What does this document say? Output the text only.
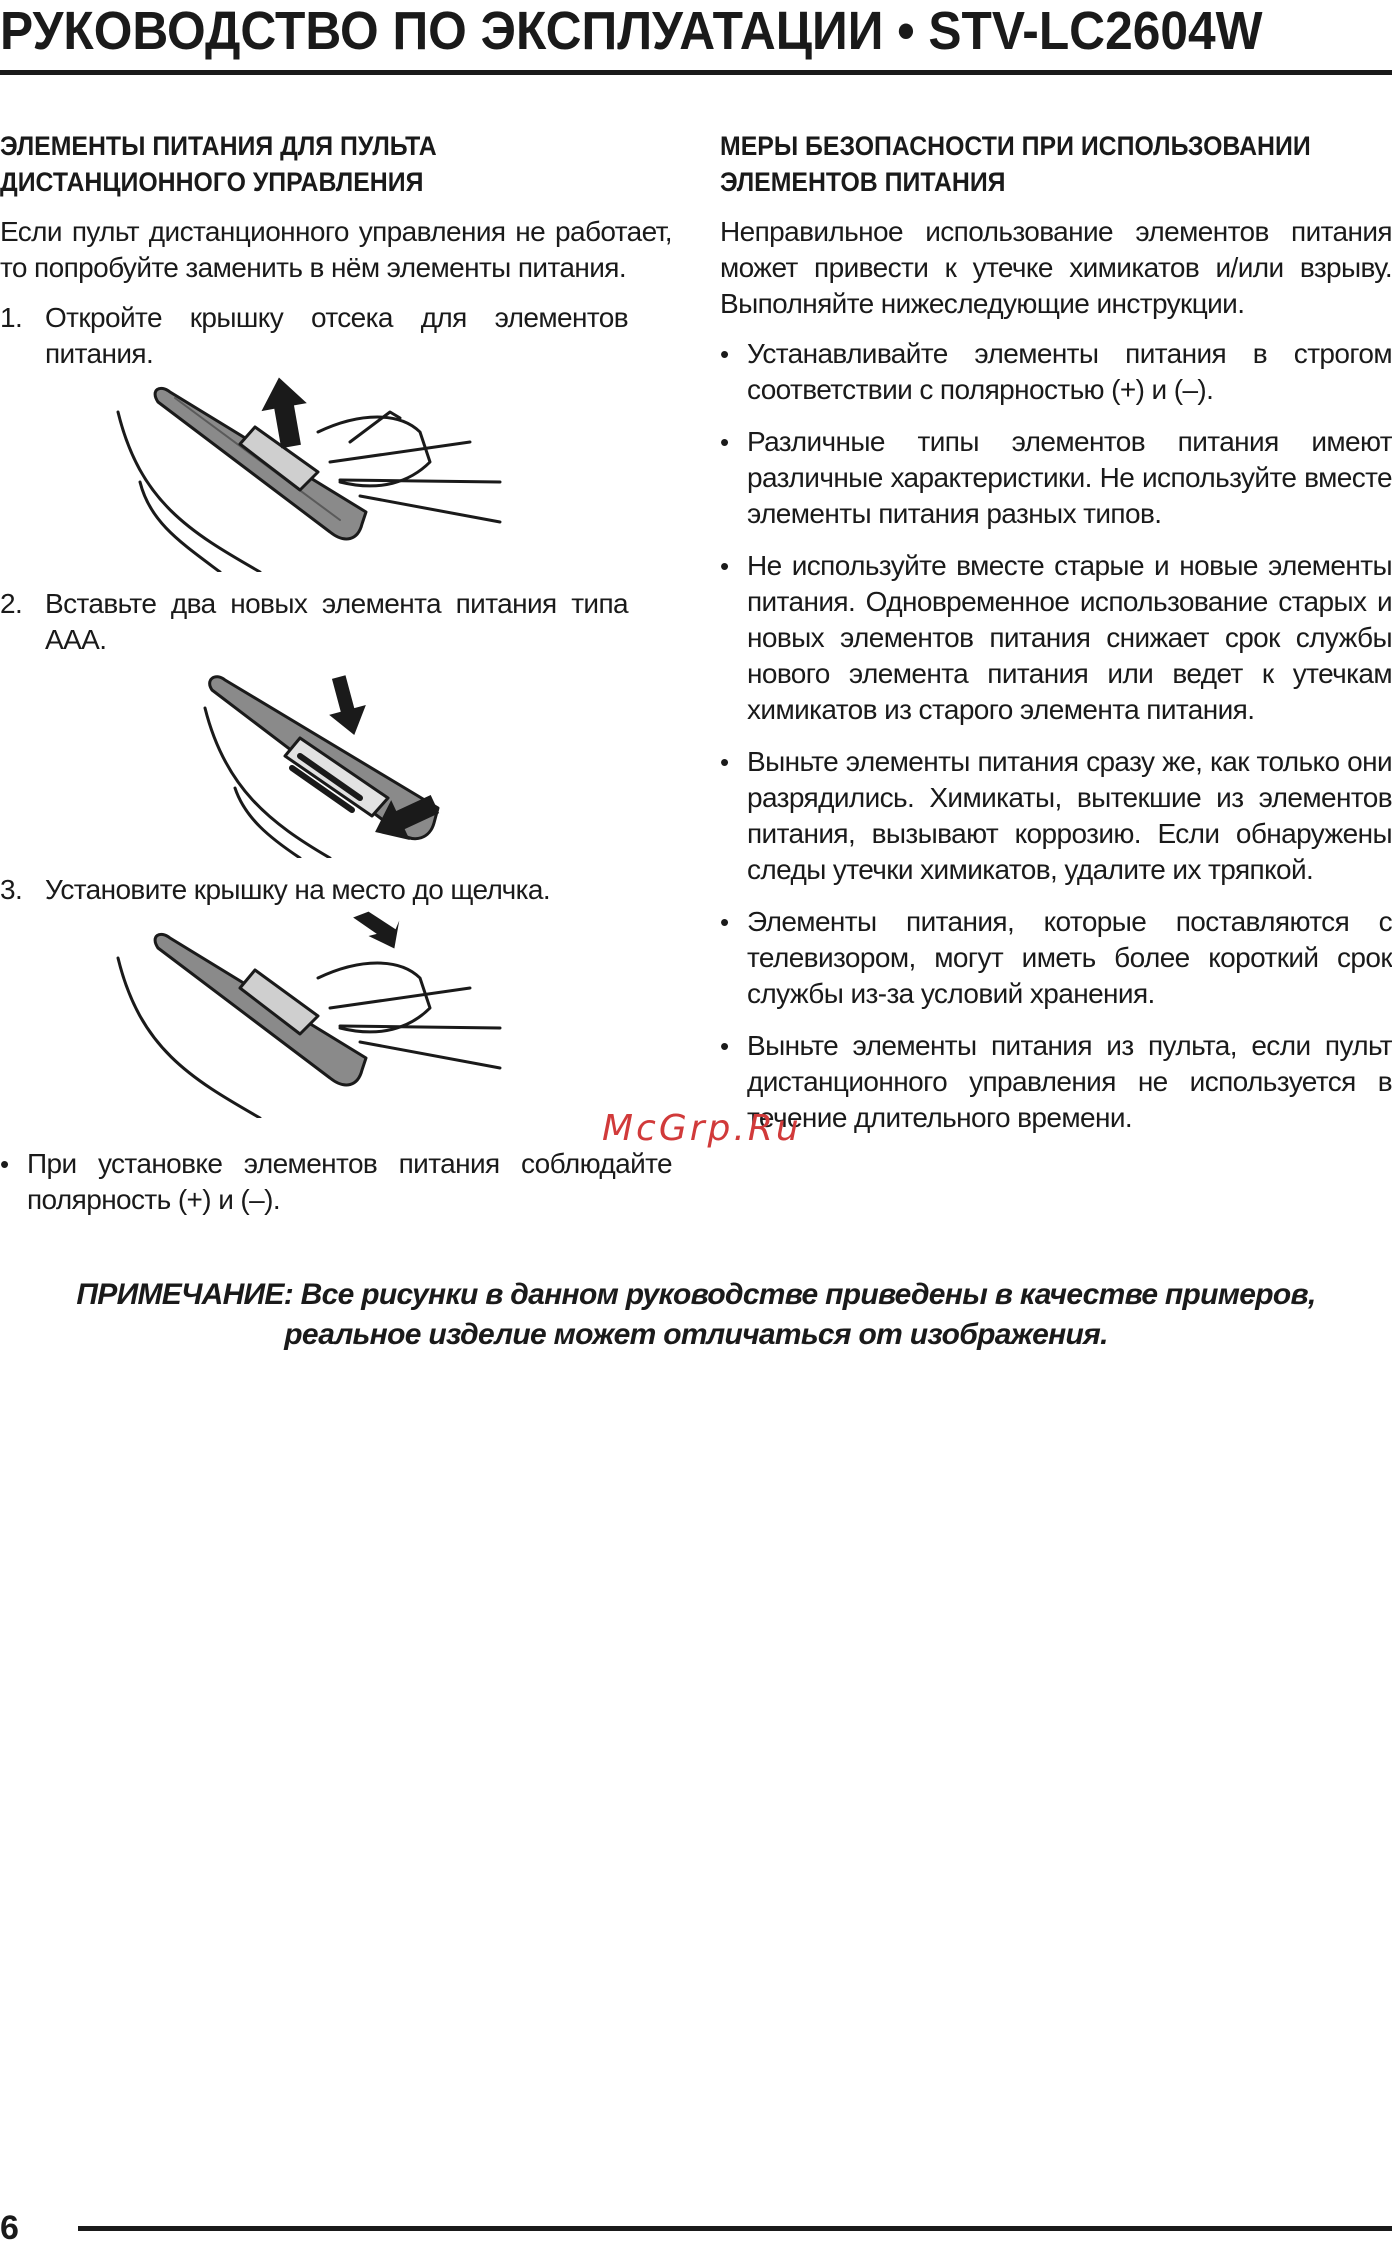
РУКОВОДСТВО ПО ЭКСПЛУАТАЦИИ • STV-LC2604W
ЭЛЕМЕНТЫ ПИТАНИЯ ДЛЯ ПУЛЬТА ДИСТАНЦИОННОГО УПРАВЛЕНИЯ
Если пульт дистанционного управления не работает, то попробуйте заменить в нём элементы питания.
1. Откройте крышку отсека для элементов питания.
2. Вставьте два новых элемента питания типа AAA.
3. Установите крышку на место до щелчка.
• При установке элементов питания соблюдайте полярность (+) и (–).
МЕРЫ БЕЗОПАСНОСТИ ПРИ ИСПОЛЬЗОВАНИИ ЭЛЕМЕНТОВ ПИТАНИЯ
Неправильное использование элементов питания может привести к утечке химикатов и/или взрыву. Выполняйте нижеследующие инструкции.
• Устанавливайте элементы питания в строгом соответствии с полярностью (+) и (–).
• Различные типы элементов питания имеют различные характеристики. Не используйте вместе элементы питания разных типов.
• Не используйте вместе старые и новые элементы питания. Одновременное использование старых и новых элементов питания снижает срок службы нового элемента питания или ведет к утечкам химикатов из старого элемента питания.
• Выньте элементы питания сразу же, как только они разрядились. Химикаты, вытекшие из элементов питания, вызывают коррозию. Если обнаружены следы утечки химикатов, удалите их тряпкой.
• Элементы питания, которые поставляются с телевизором, могут иметь более короткий срок службы из-за условий хранения.
• Выньте элементы питания из пульта, если пульт дистанционного управления не используется в течение длительного времени.
McGrp.Ru
ПРИМЕЧАНИЕ: Все рисунки в данном руководстве приведены в качестве примеров, реальное изделие может отличаться от изображения.
6
